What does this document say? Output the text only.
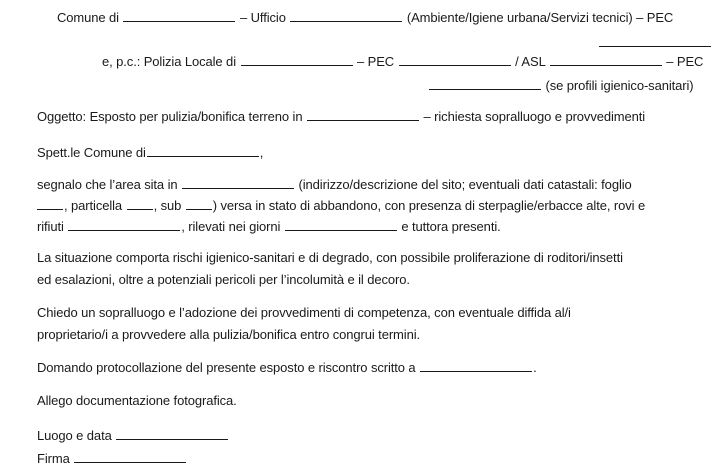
Comune di	– Ufficio	(Ambiente/Igiene urbana/Servizi tecnici) – PEC
e, p.c.: Polizia Locale di	– PEC	/ ASL	– PEC
(se profili igienico-sanitari)
Oggetto: Esposto per pulizia/bonifica terreno in	– richiesta sopralluogo e provvedimenti
Spett.le Comune di	,
segnalo che l’area sita in	(indirizzo/descrizione del sito; eventuali dati catastali: foglio
, particella , sub ) versa in stato di abbandono, con presenza di sterpaglie/erbacce alte, rovi e
rifiuti	, rilevati nei giorni	e tuttora presenti.
La situazione comporta rischi igienico-sanitari e di degrado, con possibile proliferazione di roditori/insetti
ed esalazioni, oltre a potenziali pericoli per l’incolumità e il decoro.
Chiedo un sopralluogo e l’adozione dei provvedimenti di competenza, con eventuale diffida al/i
proprietario/i a provvedere alla pulizia/bonifica entro congrui termini.
Domando protocollazione del presente esposto e riscontro scritto a	.
Allego documentazione fotografica.
Luogo e data
Firma
